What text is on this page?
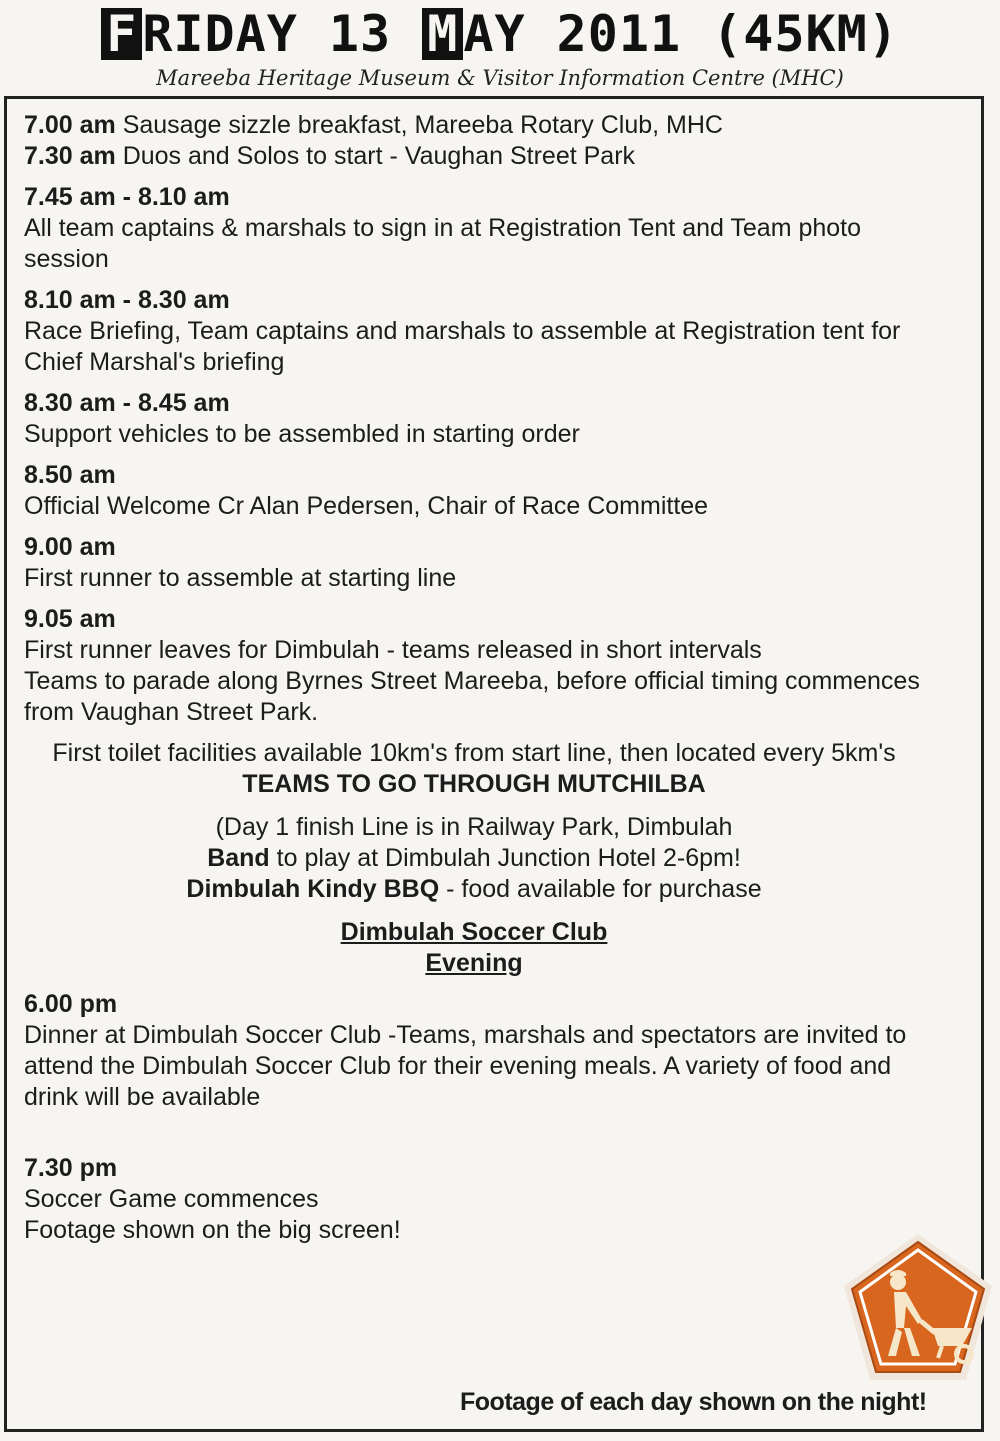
F RIDAY 13 M AY 2011 (45KM)
Mareeba Heritage Museum & Visitor Information Centre (MHC)
7.00 am Sausage sizzle breakfast, Mareeba Rotary Club, MHC
7.30 am Duos and Solos to start - Vaughan Street Park
7.45 am - 8.10 am
All team captains & marshals to sign in at Registration Tent and Team photo session
8.10 am - 8.30 am
Race Briefing, Team captains and marshals to assemble at Registration tent for Chief Marshal's briefing
8.30 am - 8.45 am
Support vehicles to be assembled in starting order
8.50 am
Official Welcome Cr Alan Pedersen, Chair of Race Committee
9.00 am
First runner to assemble at starting line
9.05 am
First runner leaves for Dimbulah - teams released in short intervals
Teams to parade along Byrnes Street Mareeba, before official timing commences from Vaughan Street Park.
First toilet facilities available 10km's from start line, then located every 5km's
TEAMS TO GO THROUGH MUTCHILBA
(Day 1 finish Line is in Railway Park, Dimbulah
Band to play at Dimbulah Junction Hotel 2-6pm!
Dimbulah Kindy BBQ - food available for purchase
Dimbulah Soccer Club
Evening
6.00 pm
Dinner at Dimbulah Soccer Club -Teams, marshals and spectators are invited to attend the Dimbulah Soccer Club for their evening meals. A variety of food and drink will be available
7.30 pm
Soccer Game commences
Footage shown on the big screen!
Footage of each day shown on the night!
